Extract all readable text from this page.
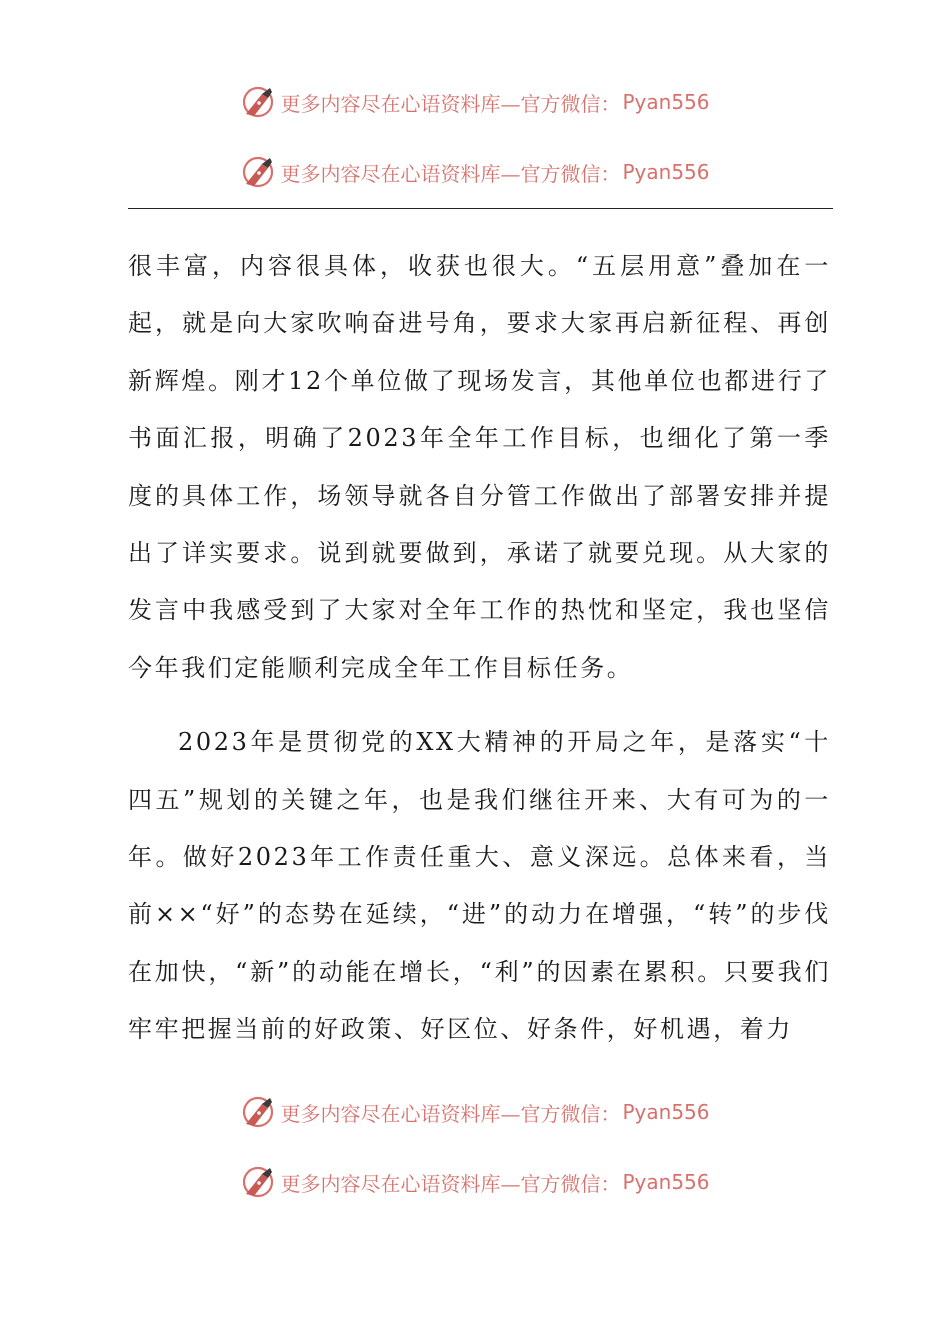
更多内容尽在心语资料库—官方微信： Pyan556
更多内容尽在心语资料库—官方微信： Pyan556

很丰富，内容很具体，收获也很大。“五层用意”叠加在一起，就是向大家吹响奋进号角，要求大家再启新征程、再创新辉煌。刚才12个单位做了现场发言，其他单位也都进行了书面汇报，明确了2023年全年工作目标，也细化了第一季度的具体工作，场领导就各自分管工作做出了部署安排并提出了详实要求。说到就要做到，承诺了就要兑现。从大家的发言中我感受到了大家对全年工作的热忱和坚定，我也坚信今年我们定能顺利完成全年工作目标任务。

2023年是贯彻党的XX大精神的开局之年，是落实“十四五”规划的关键之年，也是我们继往开来、大有可为的一年。做好2023年工作责任重大、意义深远。总体来看，当前××“好”的态势在延续，“进”的动力在增强，“转”的步伐在加快，“新”的动能在增长，“利”的因素在累积。只要我们牢牢把握当前的好政策、好区位、好条件，好机遇，着力

更多内容尽在心语资料库—官方微信： Pyan556
更多内容尽在心语资料库—官方微信： Pyan556
